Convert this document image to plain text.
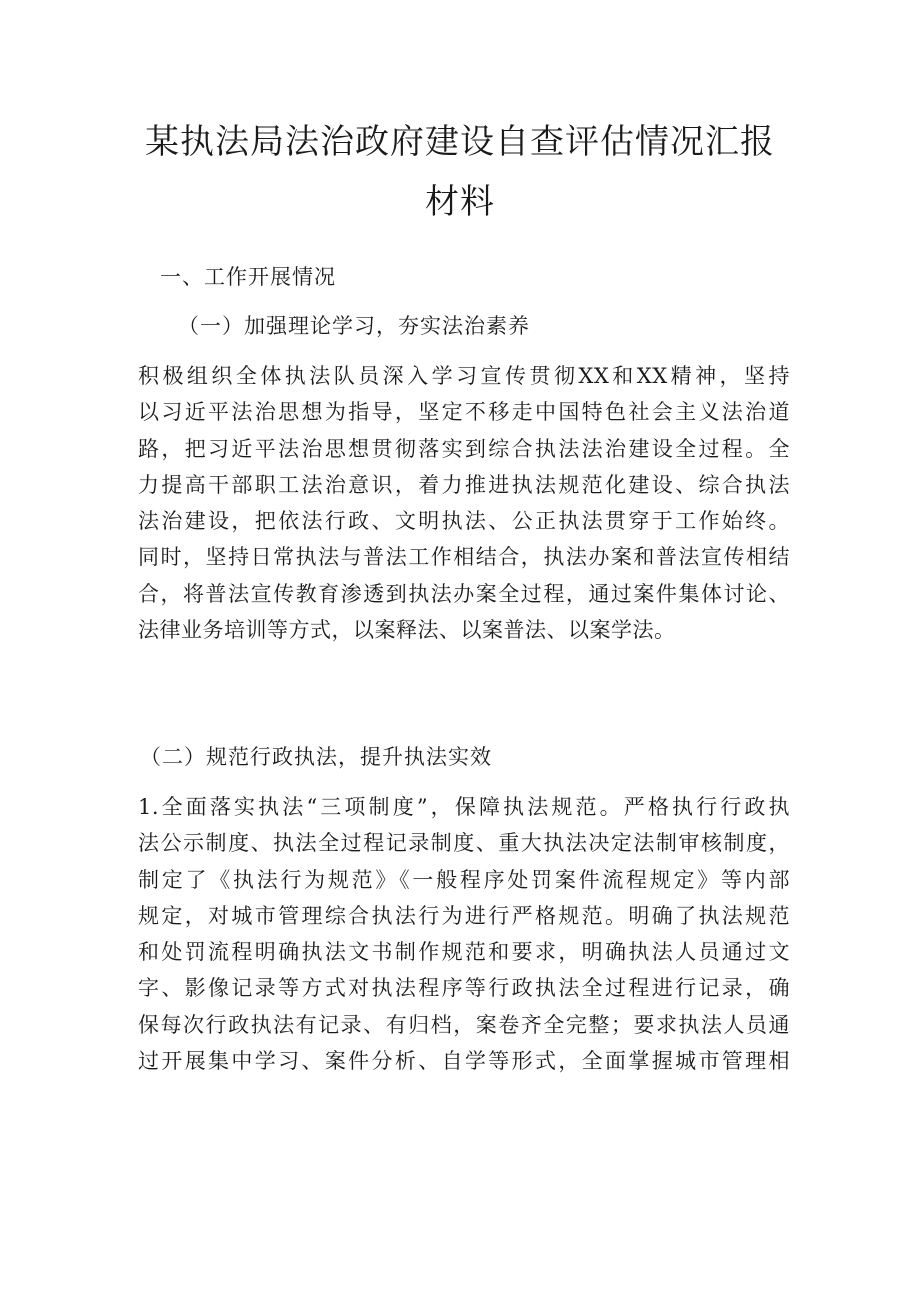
某执法局法治政府建设自查评估情况汇报
材料
一、工作开展情况
（一）加强理论学习，夯实法治素养
积极组织全体执法队员深入学习宣传贯彻XX和XX精神，坚持
以习近平法治思想为指导，坚定不移走中国特色社会主义法治道
路，把习近平法治思想贯彻落实到综合执法法治建设全过程。全
力提高干部职工法治意识，着力推进执法规范化建设、综合执法
法治建设，把依法行政、文明执法、公正执法贯穿于工作始终。
同时，坚持日常执法与普法工作相结合，执法办案和普法宣传相结
合，将普法宣传教育渗透到执法办案全过程，通过案件集体讨论、
法律业务培训等方式，以案释法、以案普法、以案学法。
（二）规范行政执法，提升执法实效
1.全面落实执法“三项制度”，保障执法规范。严格执行行政执
法公示制度、执法全过程记录制度、重大执法决定法制审核制度，
制定了《执法行为规范》《一般程序处罚案件流程规定》等内部
规定，对城市管理综合执法行为进行严格规范。明确了执法规范
和处罚流程明确执法文书制作规范和要求，明确执法人员通过文
字、影像记录等方式对执法程序等行政执法全过程进行记录，确
保每次行政执法有记录、有归档，案卷齐全完整；要求执法人员通
过开展集中学习、案件分析、自学等形式，全面掌握城市管理相
